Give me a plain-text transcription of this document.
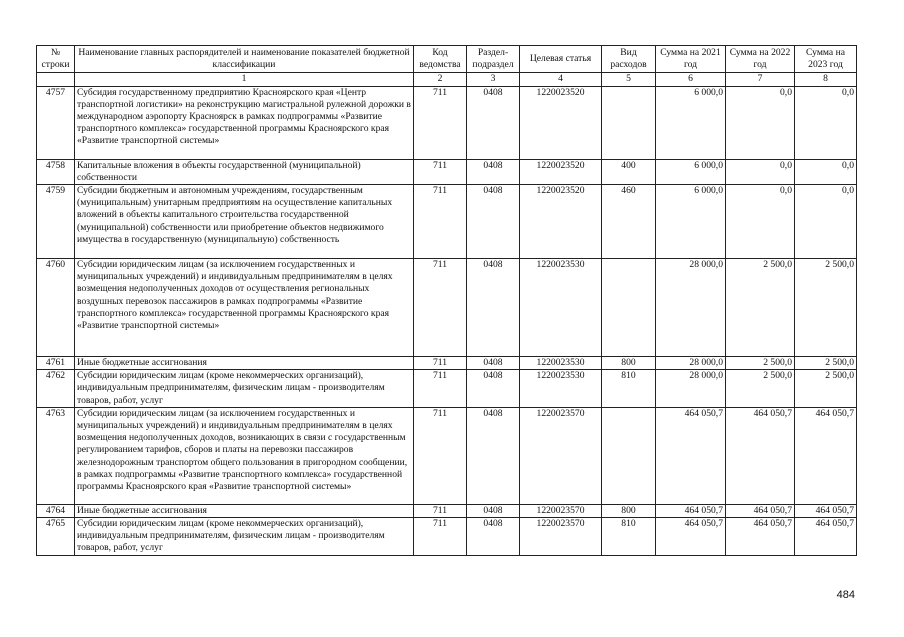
№ строки	Наименование главных распорядителей и наименование показателей бюджетной классификации	Код ведомства	Раздел-подраздел	Целевая статья	Вид расходов	Сумма на 2021 год	Сумма на 2022 год	Сумма на 2023 год
	1	2	3	4	5	6	7	8
4757	Субсидия государственному предприятию Красноярского края «Центр транспортной логистики» на реконструкцию магистральной рулежной дорожки в международном аэропорту Красноярск в рамках подпрограммы «Развитие транспортного комплекса» государственной программы Красноярского края «Развитие транспортной системы»	711	0408	1220023520		6 000,0	0,0	0,0
4758	Капитальные вложения в объекты государственной (муниципальной) собственности	711	0408	1220023520	400	6 000,0	0,0	0,0
4759	Субсидии бюджетным и автономным учреждениям, государственным (муниципальным) унитарным предприятиям на осуществление капитальных вложений в объекты капитального строительства государственной (муниципальной) собственности или приобретение объектов недвижимого имущества в государственную (муниципальную) собственность	711	0408	1220023520	460	6 000,0	0,0	0,0
4760	Субсидии юридическим лицам (за исключением государственных и муниципальных учреждений) и индивидуальным предпринимателям в целях возмещения недополученных доходов от осуществления региональных воздушных перевозок пассажиров в рамках подпрограммы «Развитие транспортного комплекса» государственной программы Красноярского края «Развитие транспортной системы»	711	0408	1220023530		28 000,0	2 500,0	2 500,0
4761	Иные бюджетные ассигнования	711	0408	1220023530	800	28 000,0	2 500,0	2 500,0
4762	Субсидии юридическим лицам (кроме некоммерческих организаций), индивидуальным предпринимателям, физическим лицам - производителям товаров, работ, услуг	711	0408	1220023530	810	28 000,0	2 500,0	2 500,0
4763	Субсидии юридическим лицам (за исключением государственных и муниципальных учреждений) и индивидуальным предпринимателям в целях возмещения недополученных доходов, возникающих в связи с государственным регулированием тарифов, сборов и платы на перевозки пассажиров железнодорожным транспортом общего пользования в пригородном сообщении, в рамках подпрограммы «Развитие транспортного комплекса» государственной программы Красноярского края «Развитие транспортной системы»	711	0408	1220023570		464 050,7	464 050,7	464 050,7
4764	Иные бюджетные ассигнования	711	0408	1220023570	800	464 050,7	464 050,7	464 050,7
4765	Субсидии юридическим лицам (кроме некоммерческих организаций), индивидуальным предпринимателям, физическим лицам - производителям товаров, работ, услуг	711	0408	1220023570	810	464 050,7	464 050,7	464 050,7
484
